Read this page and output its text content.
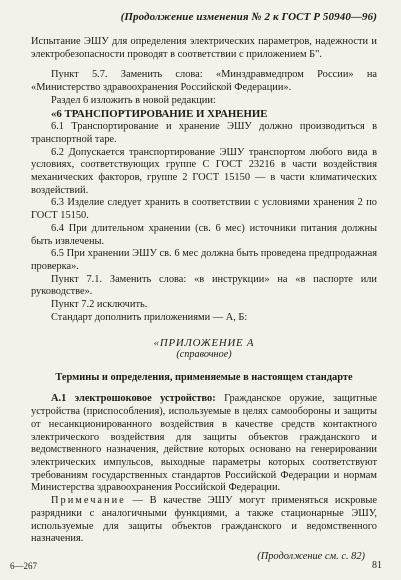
(Продолжение изменения № 2 к ГОСТ Р 50940—96)

Испытание ЭШУ для определения электрических параметров, надежности и электробезопасности проводят в соответствии с приложением Б".

Пункт 5.7. Заменить слова: «Минздравмедпром России» на «Министерство здравоохранения Российской Федерации».

Раздел 6 изложить в новой редакции:

«6 ТРАНСПОРТИРОВАНИЕ И ХРАНЕНИЕ

6.1 Транспортирование и хранение ЭШУ должно производиться в транспортной таре.

6.2 Допускается транспортирование ЭШУ транспортом любого вида в условиях, соответствующих группе С ГОСТ 23216 в части воздействия механических факторов, группе 2 ГОСТ 15150 — в части климатических воздействий.

6.3 Изделие следует хранить в соответствии с условиями хранения 2 по ГОСТ 15150.

6.4 При длительном хранении (св. 6 мес) источники питания должны быть извлечены.

6.5 При хранении ЭШУ св. 6 мес должна быть проведена предпродажная проверка».

Пункт 7.1. Заменить слова: «в инструкции» на «в паспорте или руководстве».

Пункт 7.2 исключить.

Стандарт дополнить приложениями — А, Б:

«ПРИЛОЖЕНИЕ А
(справочное)
Термины и определения, применяемые в настоящем стандарте

А.1 электрошоковое устройство: Гражданское оружие, защитные устройства (приспособления), используемые в целях самообороны и защиты от несанкционированного воздействия в качестве средств контактного электрического воздействия для защиты объектов гражданского и ведомственного назначения, действие которых основано на генерировании электрических импульсов, выходные параметры которых соответствуют требованиям государственных стандартов Российской Федерации и нормам Министерства здравоохранения Российской Федерации.

Примечание — В качестве ЭШУ могут применяться искровые разрядники с аналогичными функциями, а также стационарные ЭШУ, используемые для защиты объектов гражданского и ведомственного назначения.

(Продолжение см. с. 82)
6—267	81
